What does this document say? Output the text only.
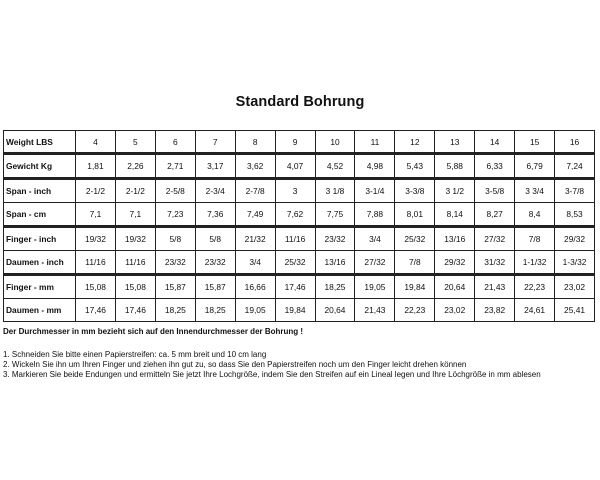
Standard Bohrung
Weight LBS	4	5	6	7	8	9	10	11	12	13	14	15	16
Gewicht Kg	1,81	2,26	2,71	3,17	3,62	4,07	4,52	4,98	5,43	5,88	6,33	6,79	7,24
Span - inch	2-1/2	2-1/2	2-5/8	2-3/4	2-7/8	3	3 1/8	3-1/4	3-3/8	3 1/2	3-5/8	3 3/4	3-7/8
Span - cm	7,1	7,1	7,23	7,36	7,49	7,62	7,75	7,88	8,01	8,14	8,27	8,4	8,53
Finger - inch	19/32	19/32	5/8	5/8	21/32	11/16	23/32	3/4	25/32	13/16	27/32	7/8	29/32
Daumen - inch	11/16	11/16	23/32	23/32	3/4	25/32	13/16	27/32	7/8	29/32	31/32	1-1/32	1-3/32
Finger - mm	15,08	15,08	15,87	15,87	16,66	17,46	18,25	19,05	19,84	20,64	21,43	22,23	23,02
Daumen - mm	17,46	17,46	18,25	18,25	19,05	19,84	20,64	21,43	22,23	23,02	23,82	24,61	25,41
Der Durchmesser in mm bezieht sich auf den Innendurchmesser der Bohrung !
1. Schneiden Sie bitte einen Papierstreifen: ca. 5 mm breit und 10 cm lang
2. Wickeln Sie ihn um Ihren Finger und ziehen ihn gut zu, so dass Sie den Papierstreifen noch um den Finger leicht drehen können
3. Markieren Sie beide Endungen und ermitteln Sie jetzt Ihre Lochgröße, indem Sie den Streifen auf ein Lineal legen und Ihre Löchgröße in mm ablesen
